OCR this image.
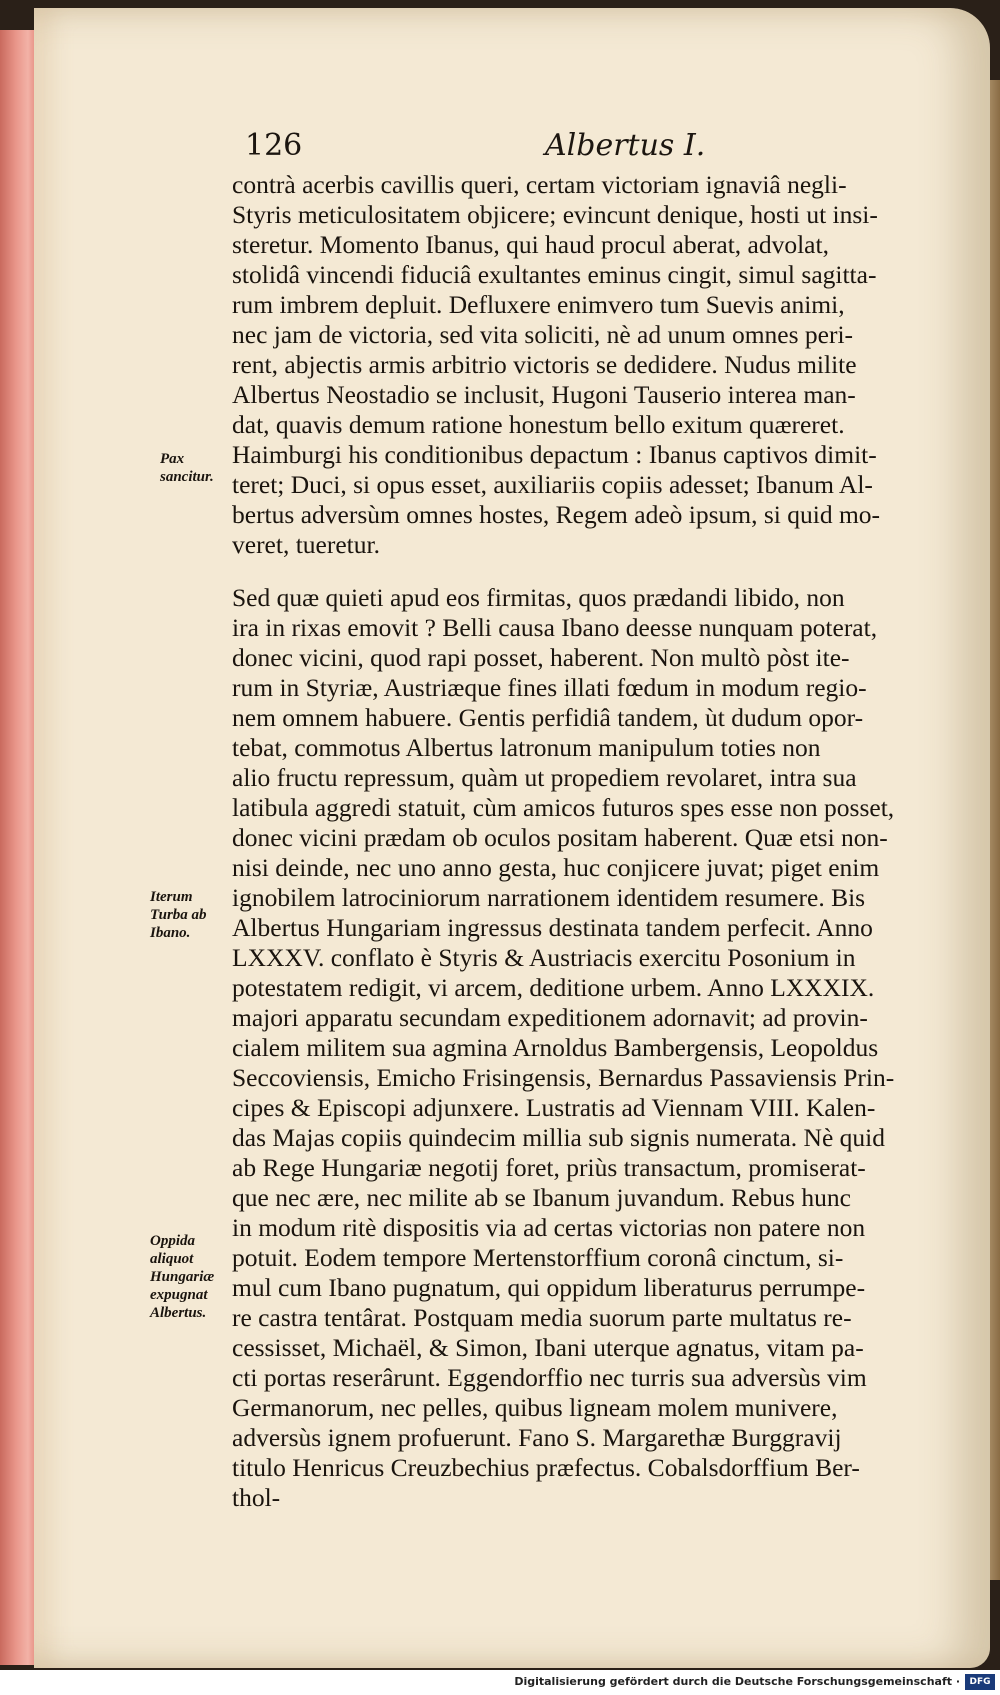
126	Albertus I.
contrà acerbis cavillis queri, certam victoriam ignaviâ negli-
Styris meticulositatem objicere; evincunt denique, hosti ut insi-
steretur. Momento Ibanus, qui haud procul aberat, advolat,
stolidâ vincendi fiduciâ exultantes eminus cingit, simul sagitta-
rum imbrem depluit. Defluxere enimvero tum Suevis animi,
nec jam de victoria, sed vita soliciti, nè ad unum omnes peri-
rent, abjectis armis arbitrio victoris se dedidere. Nudus milite
Albertus Neostadio se inclusit, Hugoni Tauserio interea man-
dat, quavis demum ratione honestum bello exitum quæreret.
Haimburgi his conditionibus depactum : Ibanus captivos dimit-
teret; Duci, si opus esset, auxiliariis copiis adesset; Ibanum Al-
bertus adversùm omnes hostes, Regem adeò ipsum, si quid mo-
veret, tueretur.
Sed quæ quieti apud eos firmitas, quos prædandi libido, non
ira in rixas emovit ? Belli causa Ibano deesse nunquam poterat,
donec vicini, quod rapi posset, haberent. Non multò pòst ite-
rum in Styriæ, Austriæque fines illati fœdum in modum regio-
nem omnem habuere. Gentis perfidiâ tandem, ùt dudum opor-
tebat, commotus Albertus latronum manipulum toties non
alio fructu repressum, quàm ut propediem revolaret, intra sua
latibula aggredi statuit, cùm amicos futuros spes esse non posset,
donec vicini prædam ob oculos positam haberent. Quæ etsi non-
nisi deinde, nec uno anno gesta, huc conjicere juvat; piget enim
ignobilem latrociniorum narrationem identidem resumere. Bis
Albertus Hungariam ingressus destinata tandem perfecit. Anno
LXXXV. conflato è Styris & Austriacis exercitu Posonium in
potestatem redigit, vi arcem, deditione urbem. Anno LXXXIX.
majori apparatu secundam expeditionem adornavit; ad provin-
cialem militem sua agmina Arnoldus Bambergensis, Leopoldus
Seccoviensis, Emicho Frisingensis, Bernardus Passaviensis Prin-
cipes & Episcopi adjunxere. Lustratis ad Viennam VIII. Kalen-
das Majas copiis quindecim millia sub signis numerata. Nè quid
ab Rege Hungariæ negotij foret, priùs transactum, promiserat-
que nec ære, nec milite ab se Ibanum juvandum. Rebus hunc
in modum ritè dispositis via ad certas victorias non patere non
potuit. Eodem tempore Mertenstorffium coronâ cinctum, si-
mul cum Ibano pugnatum, qui oppidum liberaturus perrumpe-
re castra tentârat. Postquam media suorum parte multatus re-
cessisset, Michaël, & Simon, Ibani uterque agnatus, vitam pa-
cti portas reserârunt. Eggendorffio nec turris sua adversùs vim
Germanorum, nec pelles, quibus ligneam molem munivere,
adversùs ignem profuerunt. Fano S. Margarethæ Burggravij
titulo Henricus Creuzbechius præfectus. Cobalsdorffium Ber-
thol-
Pax sancitur.
Iterum Turba ab Ibano.
Oppida aliquot Hungariæ expugnat Albertus.
Digitalisierung gefördert durch die Deutsche Forschungsgemeinschaft ·	DFG
